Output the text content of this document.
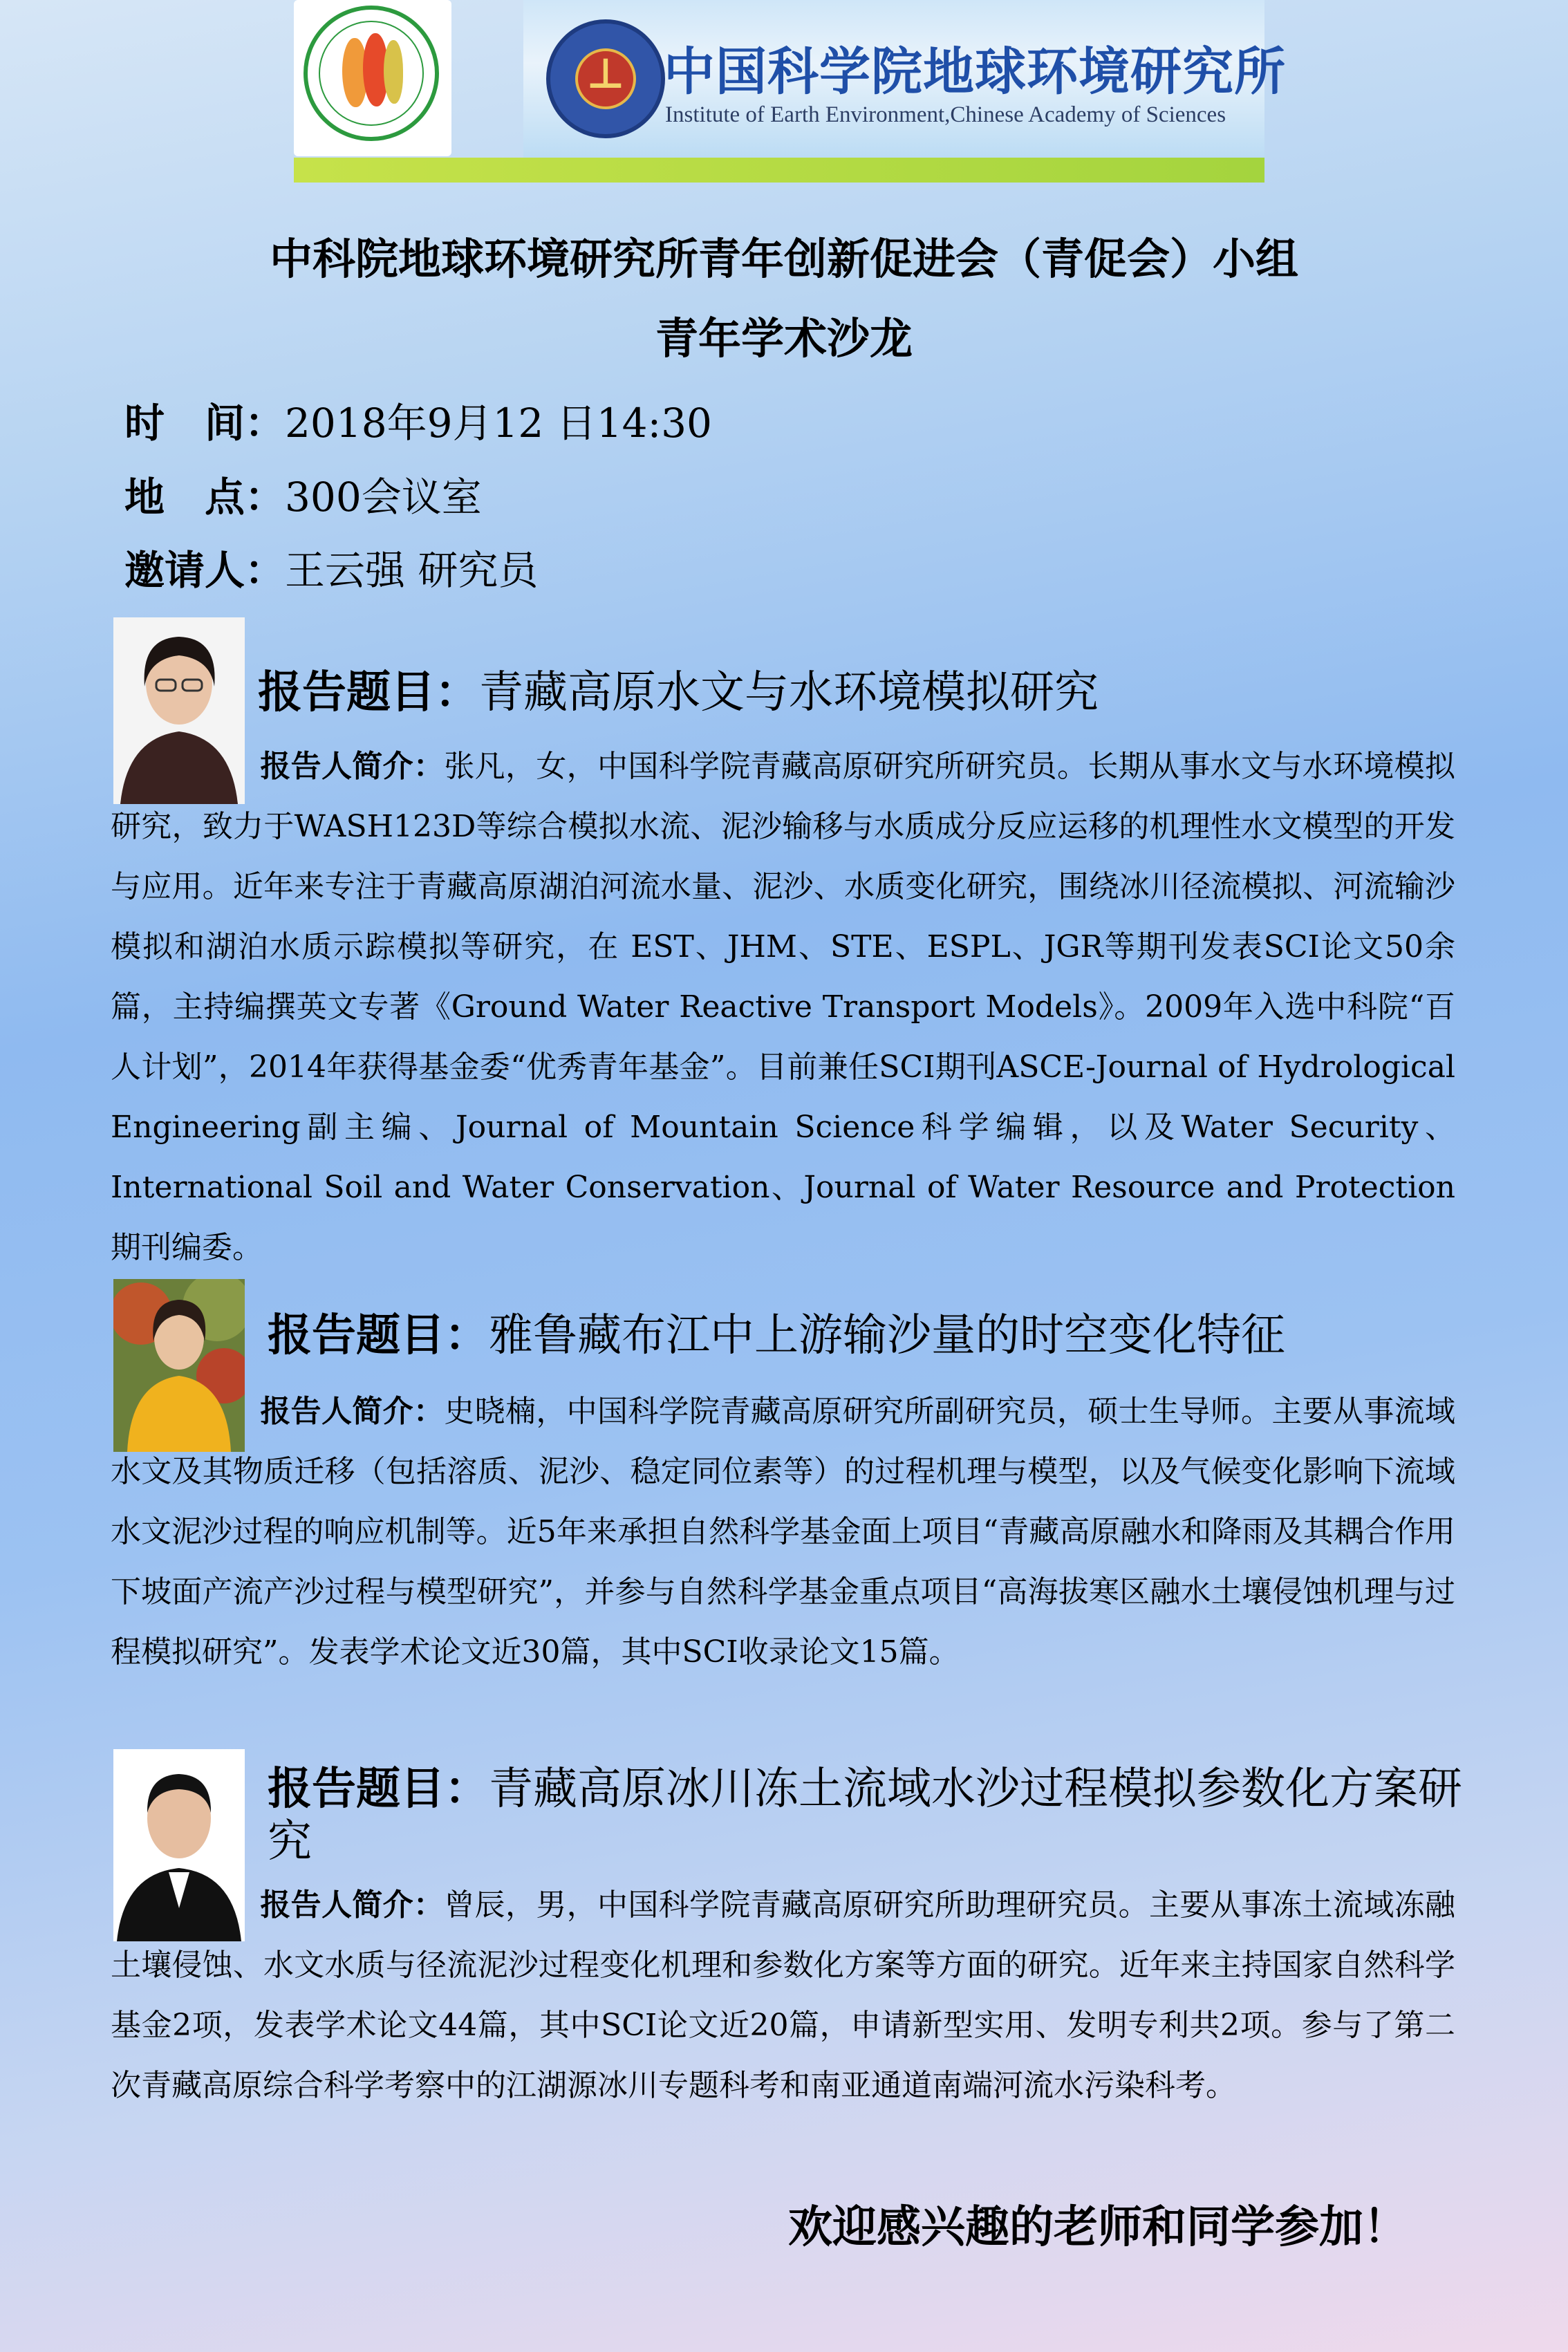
⊥ 中国科学院地球环境研究所
Institute of Earth Environment,Chinese Academy of Sciences
中科院地球环境研究所青年创新促进会（青促会）小组
青年学术沙龙
时　间：2018年9月12 日14:30
地　点：300会议室
邀请人：王云强 研究员
报告题目：青藏高原水文与水环境模拟研究
报告人简介：张凡，女，中国科学院青藏高原研究所研究员。长期从事水文与水环境模拟研究，致力于WASH123D等综合模拟水流、泥沙输移与水质成分反应运移的机理性水文模型的开发与应用。近年来专注于青藏高原湖泊河流水量、泥沙、水质变化研究，围绕冰川径流模拟、河流输沙模拟和湖泊水质示踪模拟等研究，在 EST、JHM、STE、ESPL、JGR等期刊发表SCI论文50余篇，主持编撰英文专著《Ground Water Reactive Transport Models》。2009年入选中科院“百人计划”，2014年获得基金委“优秀青年基金”。目前兼任SCI期刊ASCE-Journal of Hydrological Engineering副主编、Journal of Mountain Science科学编辑，以及Water Security、International Soil and Water Conservation、Journal of Water Resource and Protection期刊编委。
报告题目：雅鲁藏布江中上游输沙量的时空变化特征
报告人简介：史晓楠，中国科学院青藏高原研究所副研究员，硕士生导师。主要从事流域水文及其物质迁移（包括溶质、泥沙、稳定同位素等）的过程机理与模型，以及气候变化影响下流域水文泥沙过程的响应机制等。近5年来承担自然科学基金面上项目“青藏高原融水和降雨及其耦合作用下坡面产流产沙过程与模型研究”，并参与自然科学基金重点项目“高海拔寒区融水土壤侵蚀机理与过程模拟研究”。发表学术论文近30篇，其中SCI收录论文15篇。
报告题目：青藏高原冰川冻土流域水沙过程模拟参数化方案研究
报告人简介：曾辰，男，中国科学院青藏高原研究所助理研究员。主要从事冻土流域冻融土壤侵蚀、水文水质与径流泥沙过程变化机理和参数化方案等方面的研究。近年来主持国家自然科学基金2项，发表学术论文44篇，其中SCI论文近20篇，申请新型实用、发明专利共2项。参与了第二次青藏高原综合科学考察中的江湖源冰川专题科考和南亚通道南端河流水污染科考。
欢迎感兴趣的老师和同学参加！
